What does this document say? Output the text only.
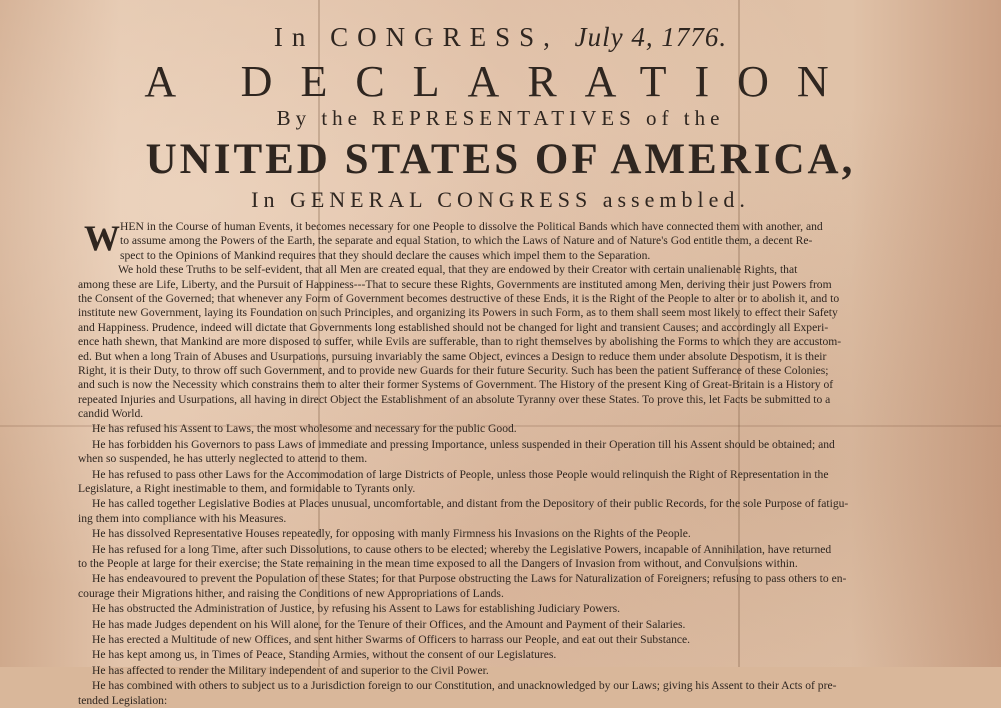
In CONGRESS, July 4, 1776.
A DECLARATION
By the REPRESENTATIVES of the
UNITED STATES OF AMERICA,
In GENERAL CONGRESS assembled.
W HEN in the Course of human Events, it becomes necessary for one People to dissolve the Political Bands which have connected them with another, and
to assume among the Powers of the Earth, the separate and equal Station, to which the Laws of Nature and of Nature's God entitle them, a decent Re-
spect to the Opinions of Mankind requires that they should declare the causes which impel them to the Separation.
We hold these Truths to be self-evident, that all Men are created equal, that they are endowed by their Creator with certain unalienable Rights, that
among these are Life, Liberty, and the Pursuit of Happiness---That to secure these Rights, Governments are instituted among Men, deriving their just Powers from
the Consent of the Governed; that whenever any Form of Government becomes destructive of these Ends, it is the Right of the People to alter or to abolish it, and to
institute new Government, laying its Foundation on such Principles, and organizing its Powers in such Form, as to them shall seem most likely to effect their Safety
and Happiness. Prudence, indeed will dictate that Governments long established should not be changed for light and transient Causes; and accordingly all Experi-
ence hath shewn, that Mankind are more disposed to suffer, while Evils are sufferable, than to right themselves by abolishing the Forms to which they are accustom-
ed. But when a long Train of Abuses and Usurpations, pursuing invariably the same Object, evinces a Design to reduce them under absolute Despotism, it is their
Right, it is their Duty, to throw off such Government, and to provide new Guards for their future Security. Such has been the patient Sufferance of these Colonies;
and such is now the Necessity which constrains them to alter their former Systems of Government. The History of the present King of Great-Britain is a History of
repeated Injuries and Usurpations, all having in direct Object the Establishment of an absolute Tyranny over these States. To prove this, let Facts be submitted to a
candid World.
He has refused his Assent to Laws, the most wholesome and necessary for the public Good.
He has forbidden his Governors to pass Laws of immediate and pressing Importance, unless suspended in their Operation till his Assent should be obtained; and
when so suspended, he has utterly neglected to attend to them.
He has refused to pass other Laws for the Accommodation of large Districts of People, unless those People would relinquish the Right of Representation in the
Legislature, a Right inestimable to them, and formidable to Tyrants only.
He has called together Legislative Bodies at Places unusual, uncomfortable, and distant from the Depository of their public Records, for the sole Purpose of fatigu-
ing them into compliance with his Measures.
He has dissolved Representative Houses repeatedly, for opposing with manly Firmness his Invasions on the Rights of the People.
He has refused for a long Time, after such Dissolutions, to cause others to be elected; whereby the Legislative Powers, incapable of Annihilation, have returned
to the People at large for their exercise; the State remaining in the mean time exposed to all the Dangers of Invasion from without, and Convulsions within.
He has endeavoured to prevent the Population of these States; for that Purpose obstructing the Laws for Naturalization of Foreigners; refusing to pass others to en-
courage their Migrations hither, and raising the Conditions of new Appropriations of Lands.
He has obstructed the Administration of Justice, by refusing his Assent to Laws for establishing Judiciary Powers.
He has made Judges dependent on his Will alone, for the Tenure of their Offices, and the Amount and Payment of their Salaries.
He has erected a Multitude of new Offices, and sent hither Swarms of Officers to harrass our People, and eat out their Substance.
He has kept among us, in Times of Peace, Standing Armies, without the consent of our Legislatures.
He has affected to render the Military independent of and superior to the Civil Power.
He has combined with others to subject us to a Jurisdiction foreign to our Constitution, and unacknowledged by our Laws; giving his Assent to their Acts of pre-
tended Legislation:
